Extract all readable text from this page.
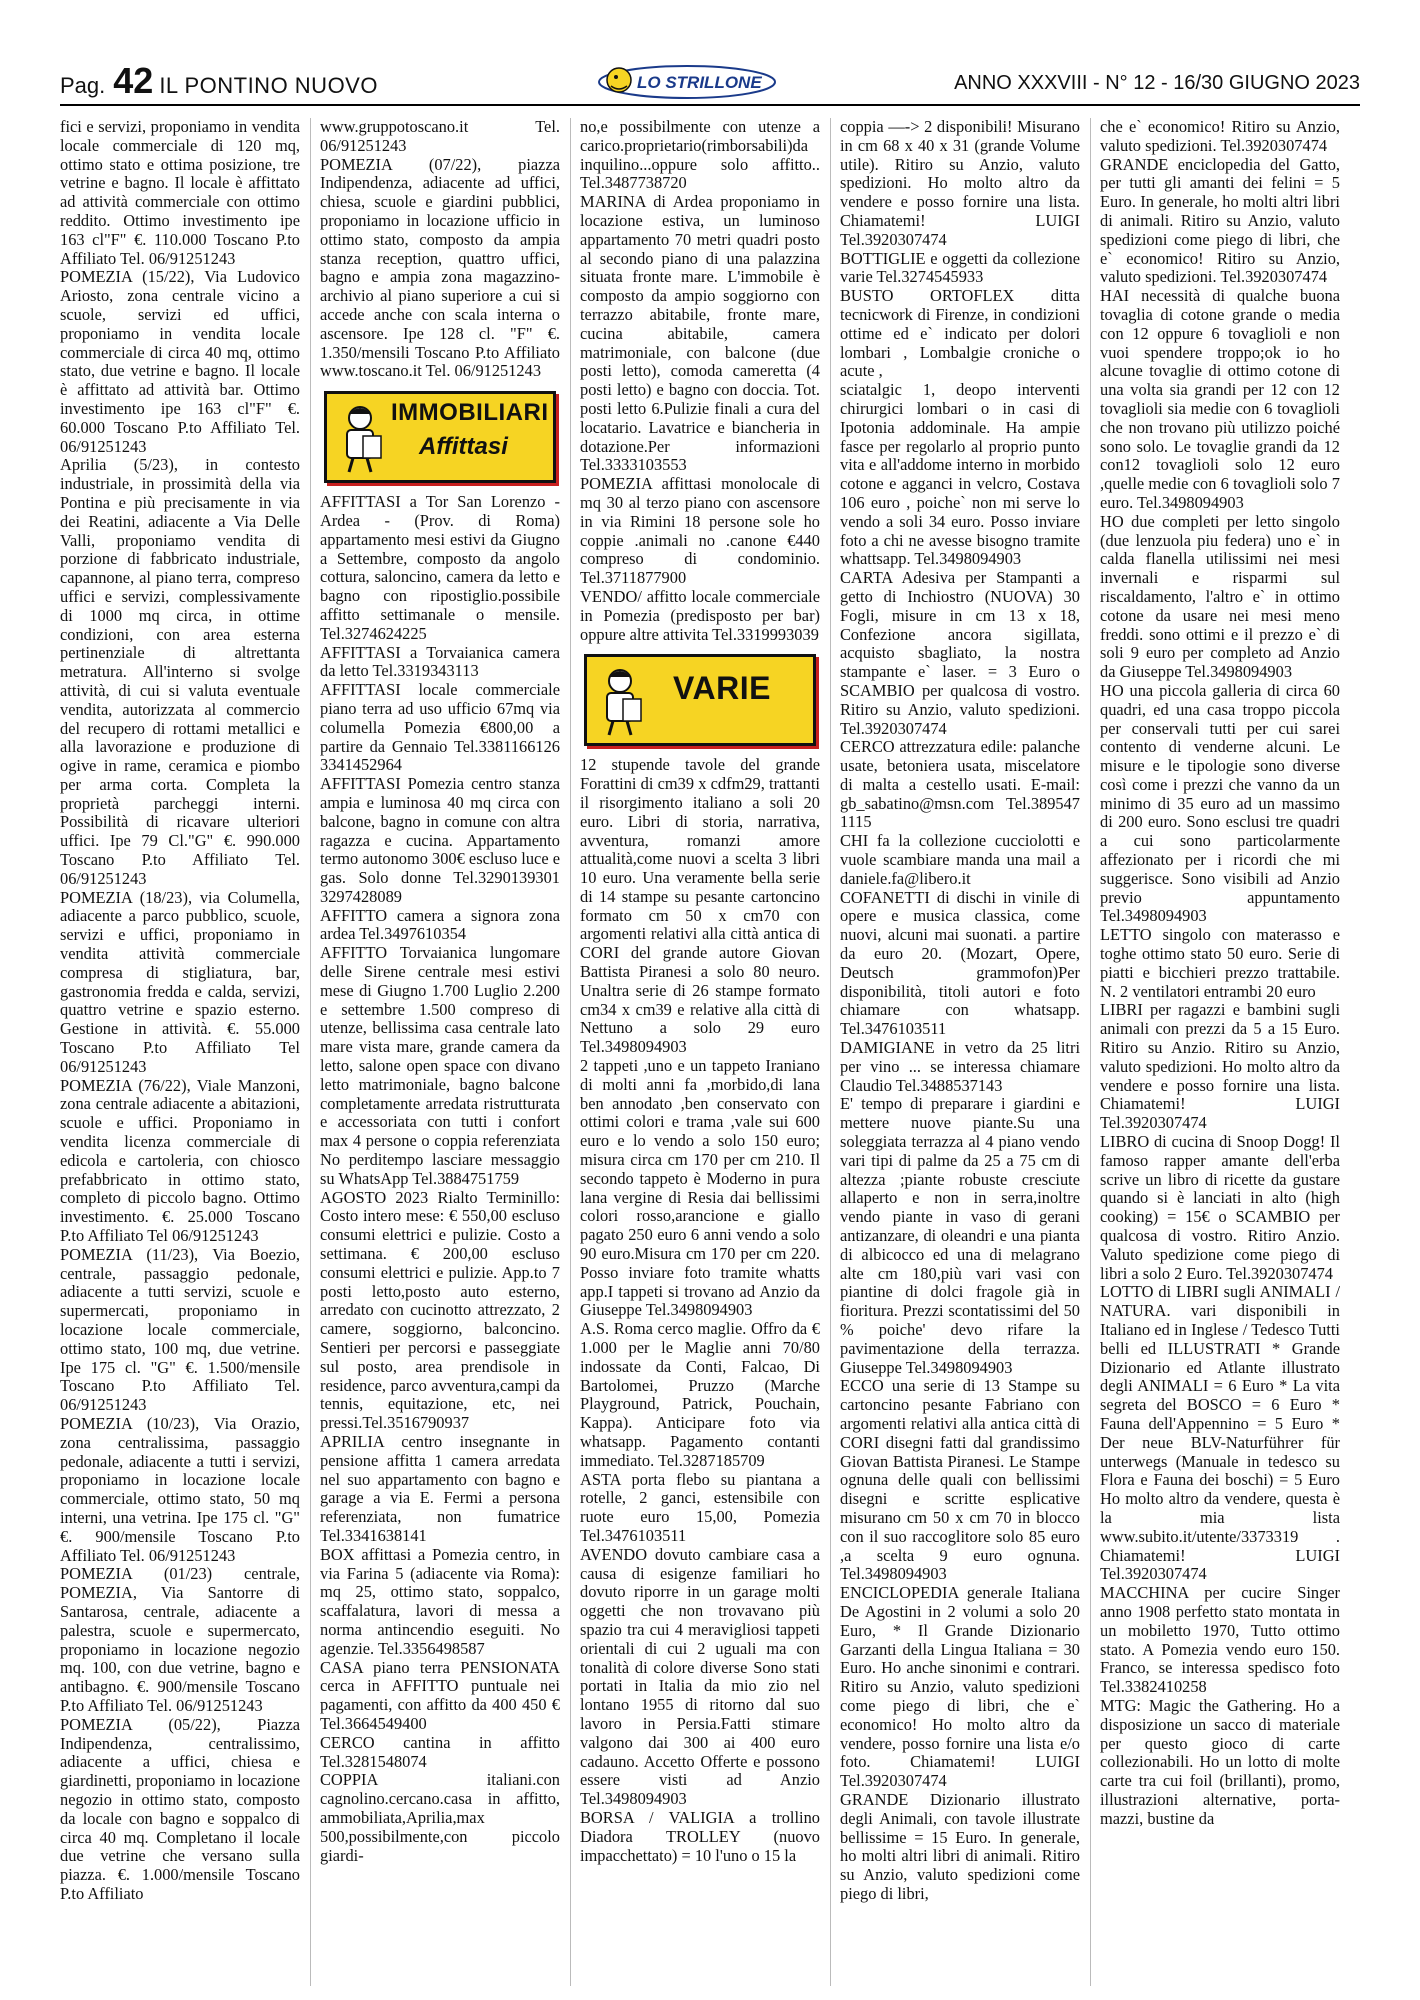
Pag. 42 IL PONTINO NUOVO	LO STRILLONE	ANNO XXXVIII - N° 12 - 16/30 GIUGNO 2023

fici e servizi, proponiamo in vendita locale commerciale di 120 mq, ottimo stato e ottima posizione, tre vetrine e bagno. Il locale è affittato ad attività commerciale con ottimo reddito. Ottimo investimento ipe 163 cl"F" €. 110.000 Toscano P.to Affiliato Tel. 06/91251243

POMEZIA (15/22), Via Ludovico Ariosto, zona centrale vicino a scuole, servizi ed uffici, proponiamo in vendita locale commerciale di circa 40 mq, ottimo stato, due vetrine e bagno. Il locale è affittato ad attività bar. Ottimo investimento ipe 163 cl"F" €. 60.000 Toscano P.to Affiliato Tel. 06/91251243

Aprilia (5/23), in contesto industriale, in prossimità della via Pontina e più precisamente in via dei Reatini, adiacente a Via Delle Valli, proponiamo vendita di porzione di fabbricato industriale, capannone, al piano terra, compreso uffici e servizi, complessivamente di 1000 mq circa, in ottime condizioni, con area esterna pertinenziale di altrettanta metratura. All'interno si svolge attività, di cui si valuta eventuale vendita, autorizzata al commercio del recupero di rottami metallici e alla lavorazione e produzione di ogive in rame, ceramica e piombo per arma corta. Completa la proprietà parcheggi interni. Possibilità di ricavare ulteriori uffici. Ipe 79 Cl."G" €. 990.000 Toscano P.to Affiliato Tel. 06/91251243

POMEZIA (18/23), via Columella, adiacente a parco pubblico, scuole, servizi e uffici, proponiamo in vendita attività commerciale compresa di stigliatura, bar, gastronomia fredda e calda, servizi, quattro vetrine e spazio esterno. Gestione in attività. €. 55.000 Toscano P.to Affiliato Tel 06/91251243

POMEZIA (76/22), Viale Manzoni, zona centrale adiacente a abitazioni, scuole e uffici. Proponiamo in vendita licenza commerciale di edicola e cartoleria, con chiosco prefabbricato in ottimo stato, completo di piccolo bagno. Ottimo investimento. €. 25.000 Toscano P.to Affiliato Tel 06/91251243

POMEZIA (11/23), Via Boezio, centrale, passaggio pedonale, adiacente a tutti servizi, scuole e supermercati, proponiamo in locazione locale commerciale, ottimo stato, 100 mq, due vetrine. Ipe 175 cl. "G" €. 1.500/mensile Toscano P.to Affiliato Tel. 06/91251243

POMEZIA (10/23), Via Orazio, zona centralissima, passaggio pedonale, adiacente a tutti i servizi, proponiamo in locazione locale commerciale, ottimo stato, 50 mq interni, una vetrina. Ipe 175 cl. "G" €. 900/mensile Toscano P.to Affiliato Tel. 06/91251243

POMEZIA (01/23) centrale, POMEZIA, Via Santorre di Santarosa, centrale, adiacente a palestra, scuole e supermercato, proponiamo in locazione negozio mq. 100, con due vetrine, bagno e antibagno. €. 900/mensile Toscano P.to Affiliato Tel. 06/91251243

POMEZIA (05/22), Piazza Indipendenza, centralissimo, adiacente a uffici, chiesa e giardinetti, proponiamo in locazione negozio in ottimo stato, composto da locale con bagno e soppalco di circa 40 mq. Completano il locale due vetrine che versano sulla piazza. €. 1.000/mensile Toscano P.to Affiliato

www.gruppotoscano.it Tel. 06/91251243

POMEZIA (07/22), piazza Indipendenza, adiacente ad uffici, chiesa, scuole e giardini pubblici, proponiamo in locazione ufficio in ottimo stato, composto da ampia stanza reception, quattro uffici, bagno e ampia zona magazzino-archivio al piano superiore a cui si accede anche con scala interna o ascensore. Ipe 128 cl. "F" €. 1.350/mensili Toscano P.to Affiliato www.toscano.it Tel. 06/91251243

IMMOBILIARI
Affittasi

AFFITTASI a Tor San Lorenzo - Ardea - (Prov. di Roma) appartamento mesi estivi da Giugno a Settembre, composto da angolo cottura, saloncino, camera da letto e bagno con ripostiglio.possibile affitto settimanale o mensile. Tel.3274624225

AFFITTASI a Torvaianica camera da letto Tel.3319343113

AFFITTASI locale commerciale piano terra ad uso ufficio 67mq via columella Pomezia €800,00 a partire da Gennaio Tel.3381166126 3341452964

AFFITTASI Pomezia centro stanza ampia e luminosa 40 mq circa con balcone, bagno in comune con altra ragazza e cucina. Appartamento termo autonomo 300€ escluso luce e gas. Solo donne Tel.3290139301 3297428089

AFFITTO camera a signora zona ardea Tel.3497610354

AFFITTO Torvaianica lungomare delle Sirene centrale mesi estivi mese di Giugno 1.700 Luglio 2.200 e settembre 1.500 compreso di utenze, bellissima casa centrale lato mare vista mare, grande camera da letto, salone open space con divano letto matrimoniale, bagno balcone completamente arredata ristrutturata e accessoriata con tutti i confort max 4 persone o coppia referenziata No perditempo lasciare messaggio su WhatsApp Tel.3884751759

AGOSTO 2023 Rialto Terminillo: Costo intero mese: € 550,00 escluso consumi elettrici e pulizie. Costo a settimana. € 200,00 escluso consumi elettrici e pulizie. App.to 7 posti letto,posto auto esterno, arredato con cucinotto attrezzato, 2 camere, soggiorno, balconcino. Sentieri per percorsi e passeggiate sul posto, area prendisole in residence, parco avventura,campi da tennis, equitazione, etc, nei pressi.Tel.3516790937

APRILIA centro insegnante in pensione affitta 1 camera arredata nel suo appartamento con bagno e garage a via E. Fermi a persona referenziata, non fumatrice Tel.3341638141

BOX affittasi a Pomezia centro, in via Farina 5 (adiacente via Roma): mq 25, ottimo stato, soppalco, scaffalatura, lavori di messa a norma antincendio eseguiti. No agenzie. Tel.3356498587

CASA piano terra PENSIONATA cerca in AFFITTO puntuale nei pagamenti, con affitto da 400 450 € Tel.3664549400

CERCO cantina in affitto Tel.3281548074

COPPIA italiani.con cagnolino.cercano.casa in affitto, ammobiliata,Aprilia,max 500,possibilmente,con piccolo giardi-

no,e possibilmente con utenze a carico.proprietario(rimborsabili)da inquilino...oppure solo affitto.. Tel.3487738720

MARINA di Ardea proponiamo in locazione estiva, un luminoso appartamento 70 metri quadri posto al secondo piano di una palazzina situata fronte mare. L'immobile è composto da ampio soggiorno con terrazzo abitabile, fronte mare, cucina abitabile, camera matrimoniale, con balcone (due posti letto), comoda cameretta (4 posti letto) e bagno con doccia. Tot. posti letto 6.Pulizie finali a cura del locatario. Lavatrice e biancheria in dotazione.Per informazioni Tel.3333103553

POMEZIA affittasi monolocale di mq 30 al terzo piano con ascensore in via Rimini 18 persone sole ho coppie .animali no .canone €440 compreso di condominio. Tel.3711877900

VENDO/ affitto locale commerciale in Pomezia (predisposto per bar) oppure altre attivita Tel.3319993039

VARIE

12 stupende tavole del grande Forattini di cm39 x cdfm29, trattanti il risorgimento italiano a soli 20 euro. Libri di storia, narrativa, avventura, romanzi amore attualità,come nuovi a scelta 3 libri 10 euro. Una veramente bella serie di 14 stampe su pesante cartoncino formato cm 50 x cm70 con argomenti relativi alla città antica di CORI del grande autore Giovan Battista Piranesi a solo 80 neuro. Unaltra serie di 26 stampe formato cm34 x cm39 e relative alla città di Nettuno a solo 29 euro Tel.3498094903

2 tappeti ,uno e un tappeto Iraniano di molti anni fa ,morbido,di lana ben annodato ,ben conservato con ottimi colori e trama ,vale sui 600 euro e lo vendo a solo 150 euro; misura circa cm 170 per cm 210. Il secondo tappeto è Moderno in pura lana vergine di Resia dai bellissimi colori rosso,arancione e giallo pagato 250 euro 6 anni vendo a solo 90 euro.Misura cm 170 per cm 220. Posso inviare foto tramite whatts app.I tappeti si trovano ad Anzio da Giuseppe Tel.3498094903

A.S. Roma cerco maglie. Offro da € 1.000 per le Maglie anni 70/80 indossate da Conti, Falcao, Di Bartolomei, Pruzzo (Marche Playground, Patrick, Pouchain, Kappa). Anticipare foto via whatsapp. Pagamento contanti immediato. Tel.3287185709

ASTA porta flebo su piantana a rotelle, 2 ganci, estensibile con ruote euro 15,00, Pomezia Tel.3476103511

AVENDO dovuto cambiare casa a causa di esigenze familiari ho dovuto riporre in un garage molti oggetti che non trovavano più spazio tra cui 4 meravigliosi tappeti orientali di cui 2 uguali ma con tonalità di colore diverse Sono stati portati in Italia da mio zio nel lontano 1955 di ritorno dal suo lavoro in Persia.Fatti stimare valgono dai 300 ai 400 euro cadauno. Accetto Offerte e possono essere visti ad Anzio Tel.3498094903

BORSA / VALIGIA a trollino Diadora TROLLEY (nuovo impacchettato) = 10 l'uno o 15 la

coppia —-> 2 disponibili! Misurano in cm 68 x 40 x 31 (grande Volume utile). Ritiro su Anzio, valuto spedizioni. Ho molto altro da vendere e posso fornire una lista. Chiamatemi! LUIGI Tel.3920307474

BOTTIGLIE e oggetti da collezione varie Tel.3274545933

BUSTO ORTOFLEX ditta tecnicwork di Firenze, in condizioni ottime ed e` indicato per dolori lombari , Lombalgie croniche o acute ,

sciatalgic 1, deopo interventi chirurgici lombari o in casi di Ipotonia addominale. Ha ampie fasce per regolarlo al proprio punto vita e all'addome interno in morbido cotone e agganci in velcro, Costava 106 euro , poiche` non mi serve lo vendo a soli 34 euro. Posso inviare foto a chi ne avesse bisogno tramite whattsapp. Tel.3498094903

CARTA Adesiva per Stampanti a getto di Inchiostro (NUOVA) 30 Fogli, misure in cm 13 x 18, Confezione ancora sigillata, acquisto sbagliato, la nostra stampante e` laser. = 3 Euro o SCAMBIO per qualcosa di vostro. Ritiro su Anzio, valuto spedizioni. Tel.3920307474

CERCO attrezzatura edile: palanche usate, betoniera usata, miscelatore di malta a cestello usati. E-mail: gb_sabatino@msn.com Tel.389547 1115

CHI fa la collezione cucciolotti e vuole scambiare manda una mail a daniele.fa@libero.it

COFANETTI di dischi in vinile di opere e musica classica, come nuovi, alcuni mai suonati. a partire da euro 20. (Mozart, Opere, Deutsch grammofon)Per disponibilità, titoli autori e foto chiamare con whatsapp. Tel.3476103511

DAMIGIANE in vetro da 25 litri per vino ... se interessa chiamare Claudio Tel.3488537143

E' tempo di preparare i giardini e mettere nuove piante.Su una soleggiata terrazza al 4 piano vendo vari tipi di palme da 25 a 75 cm di altezza ;piante robuste cresciute allaperto e non in serra,inoltre vendo piante in vaso di gerani antizanzare, di oleandri e una pianta di albicocco ed una di melagrano alte cm 180,più vari vasi con piantine di dolci fragole già in fioritura. Prezzi scontatissimi del 50 % poiche' devo rifare la pavimentazione della terrazza. Giuseppe Tel.3498094903

ECCO una serie di 13 Stampe su cartoncino pesante Fabriano con argomenti relativi alla antica città di CORI disegni fatti dal grandissimo Giovan Battista Piranesi. Le Stampe ognuna delle quali con bellissimi disegni e scritte esplicative misurano cm 50 x cm 70 in blocco con il suo raccoglitore solo 85 euro ,a scelta 9 euro ognuna. Tel.3498094903

ENCICLOPEDIA generale Italiana De Agostini in 2 volumi a solo 20 Euro, * Il Grande Dizionario Garzanti della Lingua Italiana = 30 Euro. Ho anche sinonimi e contrari. Ritiro su Anzio, valuto spedizioni come piego di libri, che e` economico! Ho molto altro da vendere, posso fornire una lista e/o foto. Chiamatemi! LUIGI Tel.3920307474

GRANDE Dizionario illustrato degli Animali, con tavole illustrate bellissime = 15 Euro. In generale, ho molti altri libri di animali. Ritiro su Anzio, valuto spedizioni come piego di libri,

che e` economico! Ritiro su Anzio, valuto spedizioni. Tel.3920307474

GRANDE enciclopedia del Gatto, per tutti gli amanti dei felini = 5 Euro. In generale, ho molti altri libri di animali. Ritiro su Anzio, valuto spedizioni come piego di libri, che e` economico! Ritiro su Anzio, valuto spedizioni. Tel.3920307474

HAI necessità di qualche buona tovaglia di cotone grande o media con 12 oppure 6 tovaglioli e non vuoi spendere troppo;ok io ho alcune tovaglie di ottimo cotone di una volta sia grandi per 12 con 12 tovaglioli sia medie con 6 tovaglioli che non trovano più utilizzo poiché sono solo. Le tovaglie grandi da 12 con12 tovaglioli solo 12 euro ,quelle medie con 6 tovaglioli solo 7 euro. Tel.3498094903

HO due completi per letto singolo (due lenzuola piu federa) uno e` in calda flanella utilissimi nei mesi invernali e risparmi sul riscaldamento, l'altro e` in ottimo cotone da usare nei mesi meno freddi. sono ottimi e il prezzo e` di soli 9 euro per completo ad Anzio da Giuseppe Tel.3498094903

HO una piccola galleria di circa 60 quadri, ed una casa troppo piccola per conservali tutti per cui sarei contento di venderne alcuni. Le misure e le tipologie sono diverse così come i prezzi che vanno da un minimo di 35 euro ad un massimo di 200 euro. Sono esclusi tre quadri a cui sono particolarmente affezionato per i ricordi che mi suggerisce. Sono visibili ad Anzio previo appuntamento Tel.3498094903

LETTO singolo con materasso e toghe ottimo stato 50 euro. Serie di piatti e bicchieri prezzo trattabile. N. 2 ventilatori entrambi 20 euro

LIBRI per ragazzi e bambini sugli animali con prezzi da 5 a 15 Euro. Ritiro su Anzio. Ritiro su Anzio, valuto spedizioni. Ho molto altro da vendere e posso fornire una lista. Chiamatemi! LUIGI Tel.3920307474

LIBRO di cucina di Snoop Dogg! Il famoso rapper amante dell'erba scrive un libro di ricette da gustare quando si è lanciati in alto (high cooking) = 15€ o SCAMBIO per qualcosa di vostro. Ritiro Anzio. Valuto spedizione come piego di libri a solo 2 Euro. Tel.3920307474

LOTTO di LIBRI sugli ANIMALI / NATURA. vari disponibili in Italiano ed in Inglese / Tedesco Tutti belli ed ILLUSTRATI * Grande Dizionario ed Atlante illustrato degli ANIMALI = 6 Euro * La vita segreta del BOSCO = 6 Euro * Fauna dell'Appennino = 5 Euro * Der neue BLV-Naturführer für unterwegs (Manuale in tedesco su Flora e Fauna dei boschi) = 5 Euro Ho molto altro da vendere, questa è la mia lista www.subito.it/utente/3373319 . Chiamatemi! LUIGI Tel.3920307474

MACCHINA per cucire Singer anno 1908 perfetto stato montata in un mobiletto 1970, Tutto ottimo stato. A Pomezia vendo euro 150. Franco, se interessa spedisco foto Tel.3382410258

MTG: Magic the Gathering. Ho a disposizione un sacco di materiale per questo gioco di carte collezionabili. Ho un lotto di molte carte tra cui foil (brillanti), promo, illustrazioni alternative, porta-mazzi, bustine da
